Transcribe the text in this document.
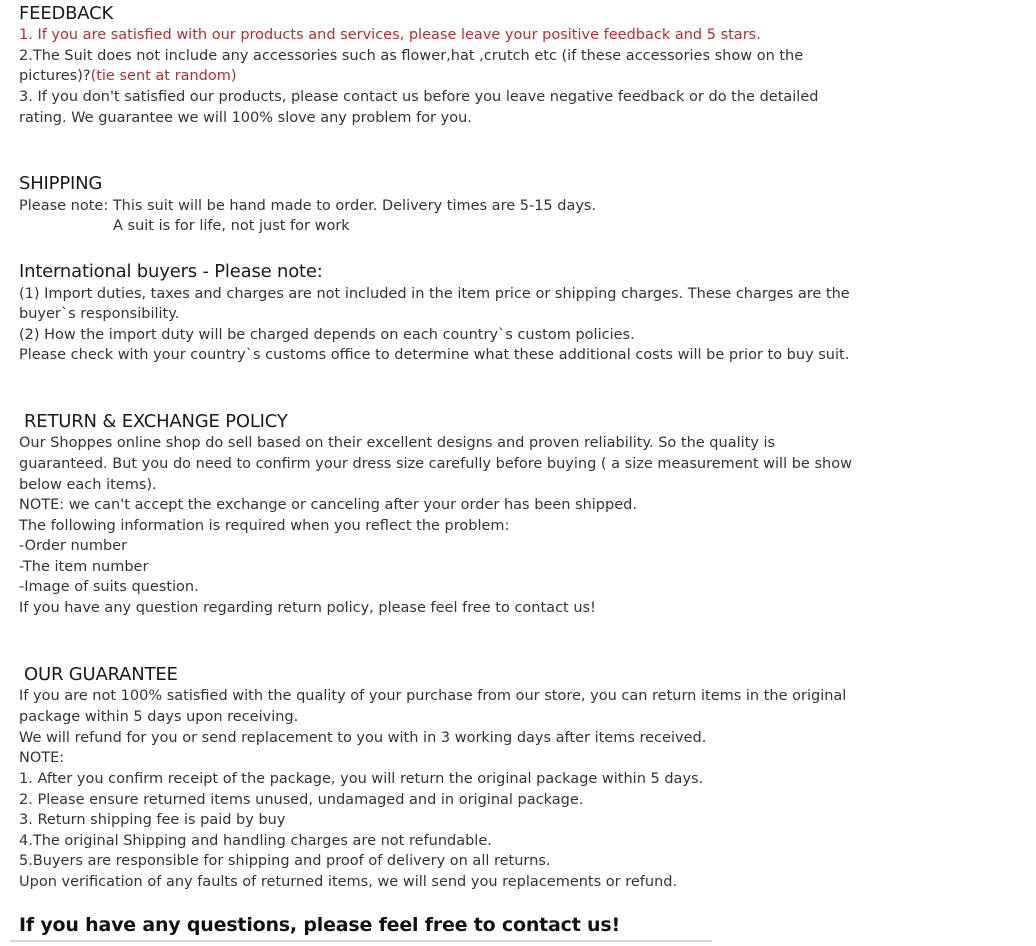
FEEDBACK
1. If you are satisfied with our products and services, please leave your positive feedback and 5 stars.
2.The Suit does not include any accessories such as flower,hat ,crutch etc (if these accessories show on the
pictures)?(tie sent at random)
3. If you don't satisfied our products, please contact us before you leave negative feedback or do the detailed
rating. We guarantee we will 100% slove any problem for you.
SHIPPING
Please note: This suit will be hand made to order. Delivery times are 5-15 days.
A suit is for life, not just for work
International buyers - Please note:
(1) Import duties, taxes and charges are not included in the item price or shipping charges. These charges are the
buyer`s responsibility.
(2) How the import duty will be charged depends on each country`s custom policies.
Please check with your country`s customs office to determine what these additional costs will be prior to buy suit.
RETURN & EXCHANGE POLICY
Our Shoppes online shop do sell based on their excellent designs and proven reliability. So the quality is
guaranteed. But you do need to confirm your dress size carefully before buying ( a size measurement will be show
below each items).
NOTE: we can't accept the exchange or canceling after your order has been shipped.
The following information is required when you reflect the problem:
-Order number
-The item number
-Image of suits question.
If you have any question regarding return policy, please feel free to contact us!
OUR GUARANTEE
If you are not 100% satisfied with the quality of your purchase from our store, you can return items in the original
package within 5 days upon receiving.
We will refund for you or send replacement to you with in 3 working days after items received.
NOTE:
1. After you confirm receipt of the package, you will return the original package within 5 days.
2. Please ensure returned items unused, undamaged and in original package.
3. Return shipping fee is paid by buy
4.The original Shipping and handling charges are not refundable.
5.Buyers are responsible for shipping and proof of delivery on all returns.
Upon verification of any faults of returned items, we will send you replacements or refund.
If you have any questions, please feel free to contact us!
